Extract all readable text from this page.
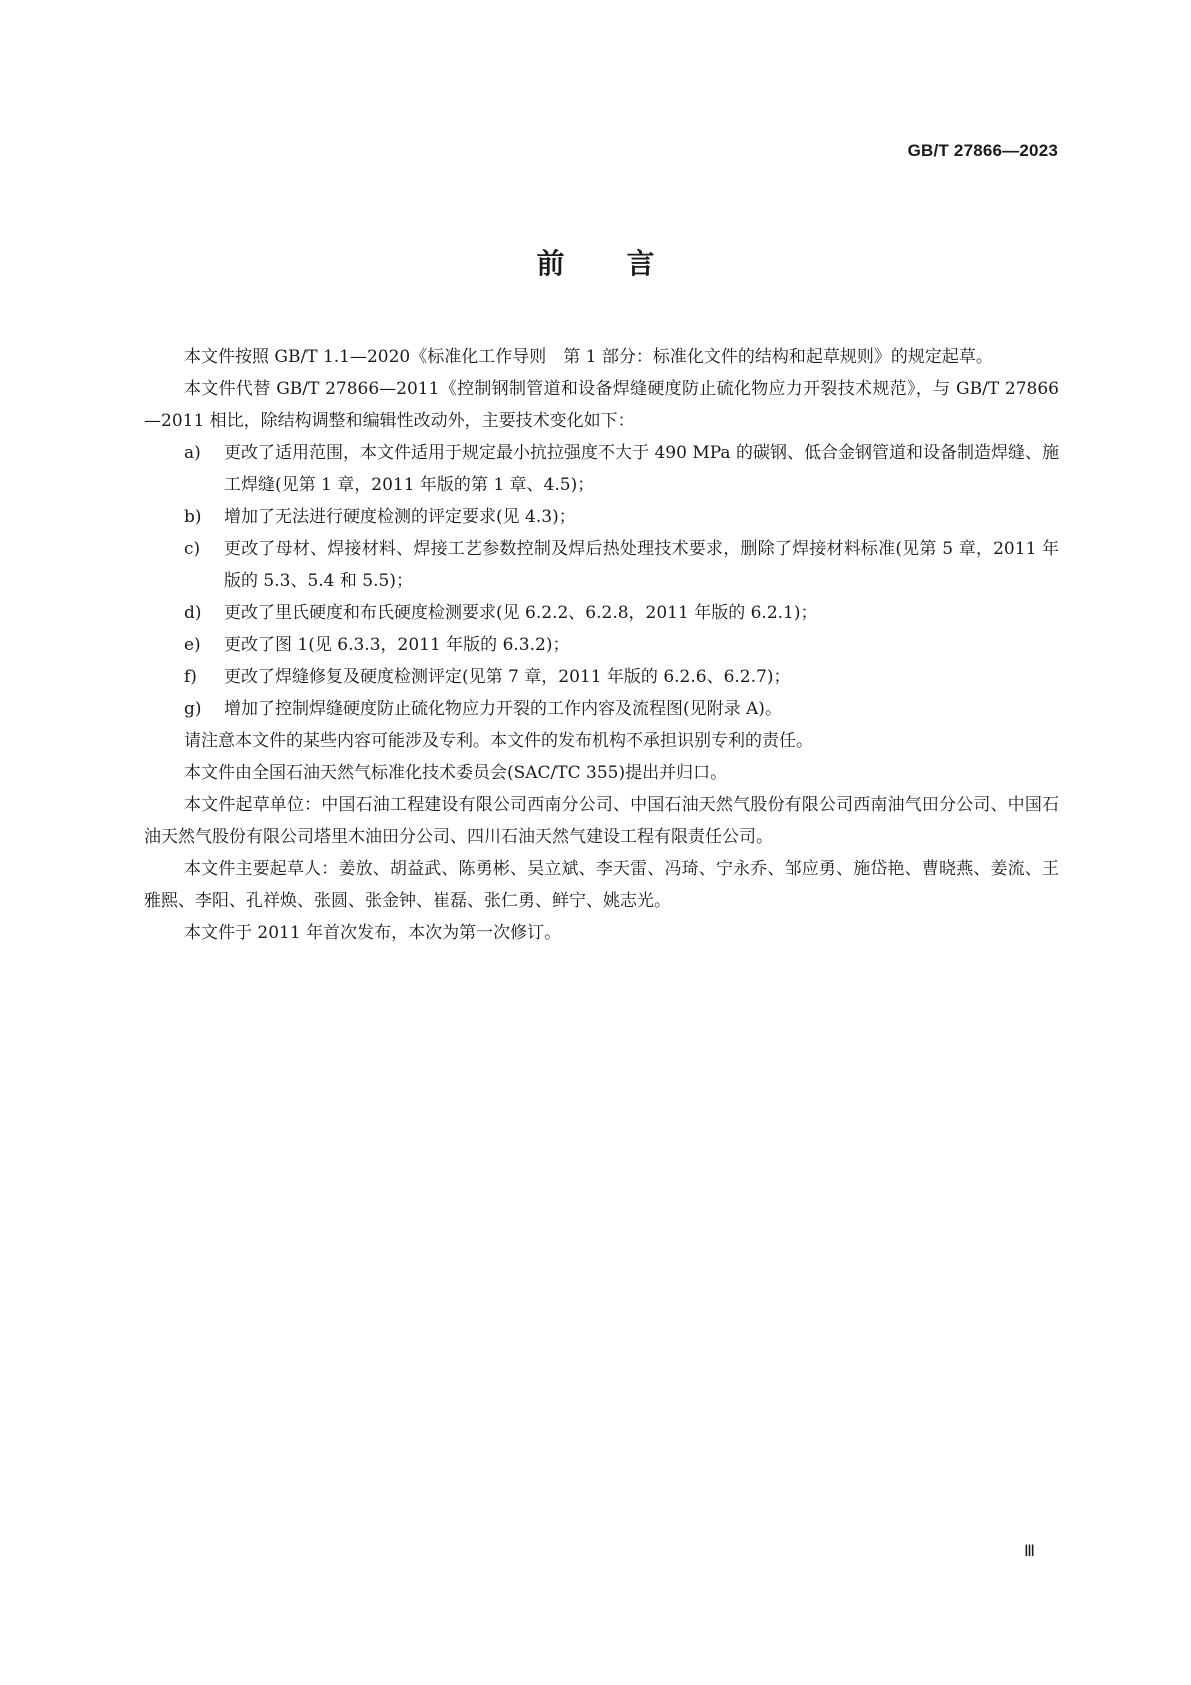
GB/T 27866—2023
前 言

本文件按照 GB/T 1.1—2020《标准化工作导则　第 1 部分：标准化文件的结构和起草规则》的规定起草。

本文件代替 GB/T 27866—2011《控制钢制管道和设备焊缝硬度防止硫化物应力开裂技术规范》，与 GB/T 27866—2011 相比，除结构调整和编辑性改动外，主要技术变化如下：

a)	更改了适用范围，本文件适用于规定最小抗拉强度不大于 490 MPa 的碳钢、低合金钢管道和设备制造焊缝、施工焊缝(见第 1 章，2011 年版的第 1 章、4.5)；
b)	增加了无法进行硬度检测的评定要求(见 4.3)；
c)	更改了母材、焊接材料、焊接工艺参数控制及焊后热处理技术要求，删除了焊接材料标准(见第 5 章，2011 年版的 5.3、5.4 和 5.5)；
d)	更改了里氏硬度和布氏硬度检测要求(见 6.2.2、6.2.8，2011 年版的 6.2.1)；
e)	更改了图 1(见 6.3.3，2011 年版的 6.3.2)；
f)	更改了焊缝修复及硬度检测评定(见第 7 章，2011 年版的 6.2.6、6.2.7)；
g)	增加了控制焊缝硬度防止硫化物应力开裂的工作内容及流程图(见附录 A)。

请注意本文件的某些内容可能涉及专利。本文件的发布机构不承担识别专利的责任。

本文件由全国石油天然气标准化技术委员会(SAC/TC 355)提出并归口。

本文件起草单位：中国石油工程建设有限公司西南分公司、中国石油天然气股份有限公司西南油气田分公司、中国石油天然气股份有限公司塔里木油田分公司、四川石油天然气建设工程有限责任公司。

本文件主要起草人：姜放、胡益武、陈勇彬、吴立斌、李天雷、冯琦、宁永乔、邹应勇、施岱艳、曹晓燕、姜流、王雅熙、李阳、孔祥焕、张圆、张金钟、崔磊、张仁勇、鲜宁、姚志光。

本文件于 2011 年首次发布，本次为第一次修订。

Ⅲ
